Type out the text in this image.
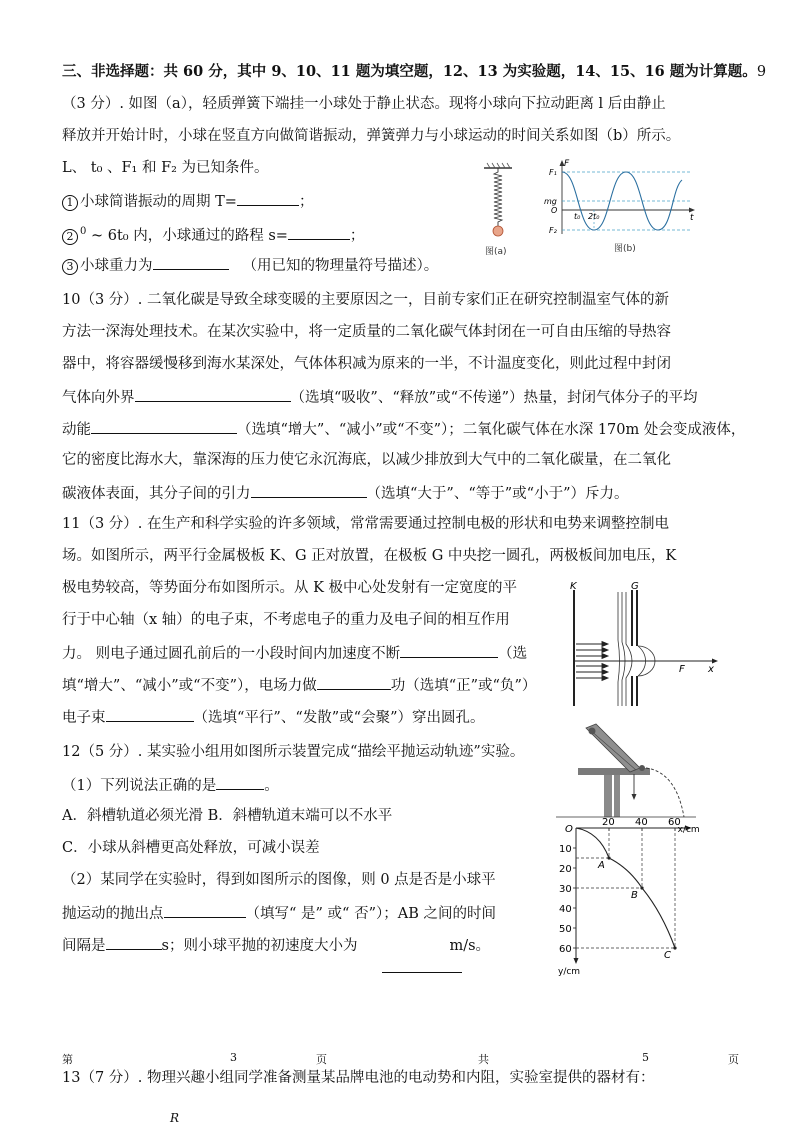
三、非选择题：共 60 分，其中 9、10、11 题为填空题，12、13 为实验题，14、15、16 题为计算题。9
（3 分）. 如图（a），轻质弹簧下端挂一小球处于静止状态。现将小球向下拉动距离 l 后由静止
释放并开始计时，小球在竖直方向做简谐振动，弹簧弹力与小球运动的时间关系如图（b）所示。
L、 t₀ 、F₁ 和 F₂ 为已知条件。
1 小球简谐振动的周期 T=	；
2 $^0$ ~ 6t₀ 内，小球通过的路程 s=	；
3 小球重力为	（用已知的物理量符号描述）。
图(a)
F
F₁
mg
O
t₀ 2t₀	t
F₂
图(b)
10（3 分）. 二氧化碳是导致全球变暖的主要原因之一，目前专家们正在研究控制温室气体的新
方法一深海处理技术。在某次实验中，将一定质量的二氧化碳气体封闭在一可自由压缩的导热容
器中，将容器缓慢移到海水某深处，气体体积减为原来的一半，不计温度变化，则此过程中封闭
气体向外界	（选填“吸收”、“释放”或“不传递”）热量，封闭气体分子的平均
动能	（选填“增大”、“减小”或“不变”）；二氧化碳气体在水深 170m 处会变成液体，
它的密度比海水大，靠深海的压力使它永沉海底，以减少排放到大气中的二氧化碳量，在二氧化
碳液体表面，其分子间的引力	（选填“大于”、“等于”或“小于”）斥力。
11（3 分）. 在生产和科学实验的许多领域，常常需要通过控制电极的形状和电势来调整控制电
场。如图所示，两平行金属极板 K、G 正对放置，在极板 G 中央挖一圆孔，两极板间加电压，K
极电势较高，等势面分布如图所示。从 K 极中心处发射有一定宽度的平
行于中心轴（x 轴）的电子束，不考虑电子的重力及电子间的相互作用
力。 则电子通过圆孔前后的一小段时间内加速度不断	（选
填“增大”、“减小”或“不变”），电场力做	功（选填“正”或“负”）
电子束	（选填“平行”、“发散”或“会聚”）穿出圆孔。
K	G
F x
12（5 分）. 某实验小组用如图所示装置完成“描绘平抛运动轨迹”实验。
（1）下列说法正确的是	。
A．斜槽轨道必须光滑 B．斜槽轨道末端可以不水平
C．小球从斜槽更高处释放，可减小误差
（2）某同学在实验时，得到如图所示的图像，则 0 点是否是小球平
抛运动的抛出点	（填写“ 是” 或“ 否”）；AB 之间的时间
间隔是	s；则小球平抛的初速度大小为	m/s。
O
20 40 60
x/cm
10
20
30
40
50
60
y/cm
A
B
C
第	3	页	共	5	页
13（7 分）. 物理兴趣小组同学准备测量某品牌电池的电动势和内阻，实验室提供的器材有：
R
